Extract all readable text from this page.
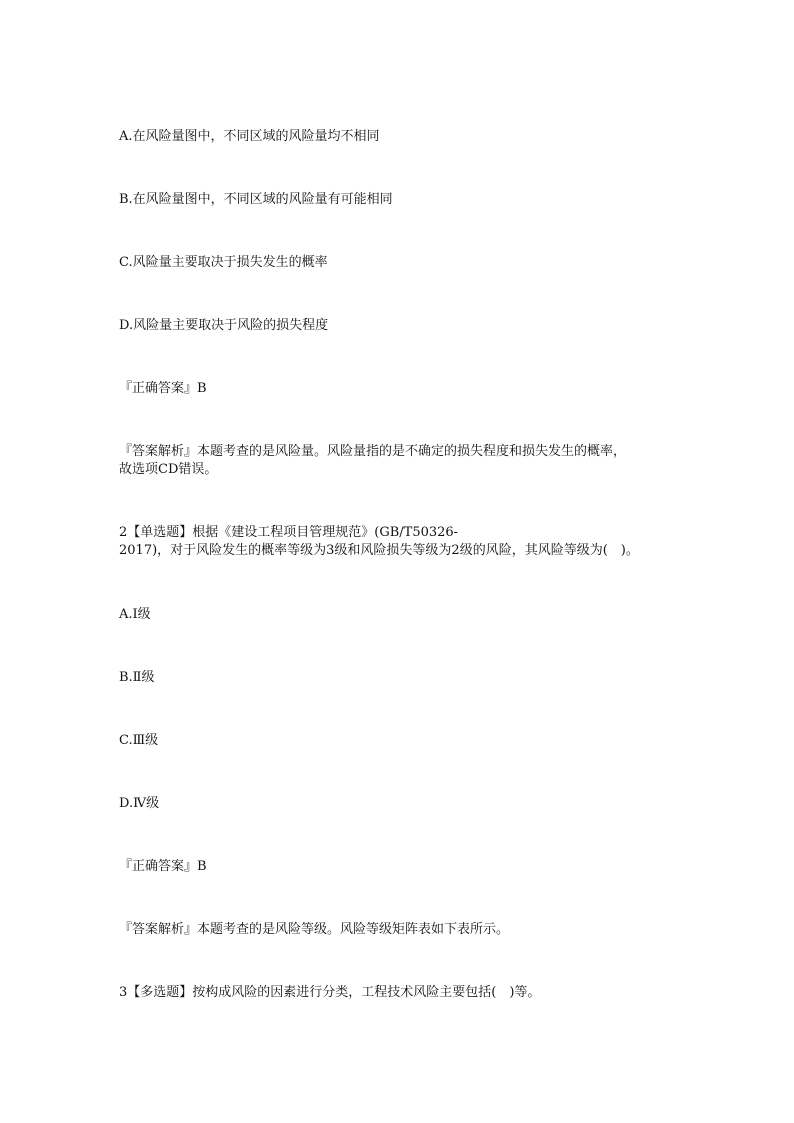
A.在风险量图中，不同区域的风险量均不相同
B.在风险量图中，不同区域的风险量有可能相同
C.风险量主要取决于损失发生的概率
D.风险量主要取决于风险的损失程度
『正确答案』B
『答案解析』本题考查的是风险量。风险量指的是不确定的损失程度和损失发生的概率，
故选项CD错误。
2【单选题】根据《建设工程项目管理规范》(GB/T50326-
2017)，对于风险发生的概率等级为3级和风险损失等级为2级的风险，其风险等级为(　)。
A.Ⅰ级
B.Ⅱ级
C.Ⅲ级
D.Ⅳ级
『正确答案』B
『答案解析』本题考查的是风险等级。风险等级矩阵表如下表所示。
3【多选题】按构成风险的因素进行分类，工程技术风险主要包括(　)等。
